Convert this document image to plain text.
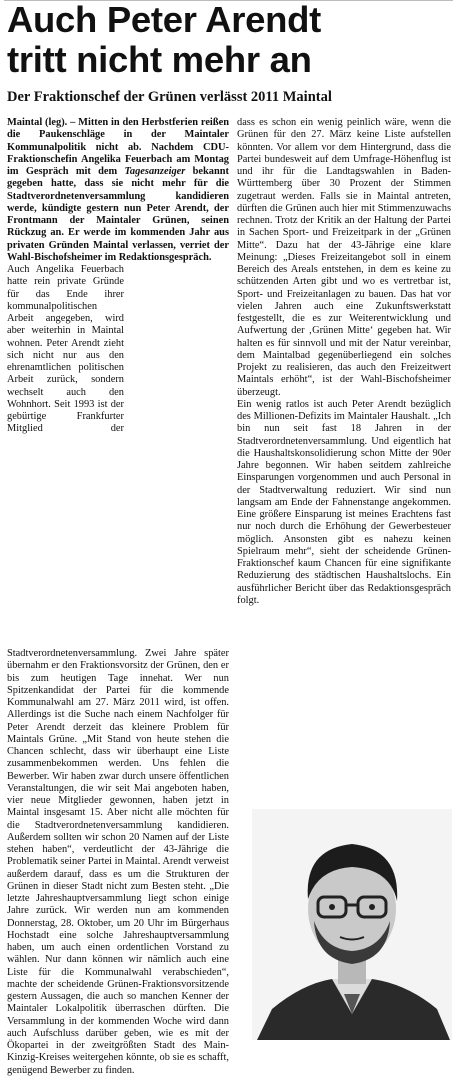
Auch Peter Arendt
tritt nicht mehr an
Der Fraktionschef der Grünen verlässt 2011 Maintal

Maintal (leg). – Mitten in den Herbstferien reißen die Paukenschläge in der Maintaler Kommunalpolitik nicht ab. Nachdem CDU-Fraktionschefin Angelika Feuerbach am Montag im Gespräch mit dem Tagesanzeiger bekannt gegeben hatte, dass sie nicht mehr für die Stadtverordnetenversammlung kandidieren werde, kündigte gestern nun Peter Arendt, der Frontmann der Maintaler Grünen, seinen Rückzug an. Er werde im kommenden Jahr aus privaten Gründen Maintal verlassen, verriet der Wahl-Bischofsheimer im Redaktionsgespräch.

Auch Angelika Feuerbach hatte rein private Gründe für das Ende ihrer kommunalpolitischen Arbeit angegeben, wird aber weiterhin in Maintal wohnen. Peter Arendt zieht sich nicht nur aus den ehrenamtlichen politischen Arbeit zurück, sondern wechselt auch den Wohnhort. Seit 1993 ist der gebürtige Frankfurter Mitglied der Stadtverordnetenversammlung. Zwei Jahre später übernahm er den Fraktionsvorsitz der Grünen, den er bis zum heutigen Tage innehat. Wer nun Spitzenkandidat der Partei für die kommende Kommunalwahl am 27. März 2011 wird, ist offen. Allerdings ist die Suche nach einem Nachfolger für Peter Arendt derzeit das kleinere Problem für Maintals Grüne. „Mit Stand von heute stehen die Chancen schlecht, dass wir überhaupt eine Liste zusammenbekommen werden. Uns fehlen die Bewerber. Wir haben zwar durch unsere öffentlichen Veranstaltungen, die wir seit Mai angeboten haben, vier neue Mitglieder gewonnen, haben jetzt in Maintal insgesamt 15. Aber nicht alle möchten für die Stadtverordnetenversammlung kandidieren. Außerdem sollten wir schon 20 Namen auf der Liste stehen haben“, verdeutlicht der 43-Jährige die Problematik seiner Partei in Maintal. Arendt verweist außerdem darauf, dass es um die Strukturen der Grünen in dieser Stadt nicht zum Besten steht. „Die letzte Jahreshauptversammlung liegt schon einige Jahre zurück. Wir werden nun am kommenden Donnerstag, 28. Oktober, um 20 Uhr im Bürgerhaus Hochstadt eine solche Jahreshauptversammlung haben, um auch einen ordentlichen Vorstand zu wählen. Nur dann können wir nämlich auch eine Liste für die Kommunalwahl verabschieden“, machte der scheidende Grünen-Fraktionsvorsitzende gestern Aussagen, die auch so manchen Kenner der Maintaler Lokalpolitik überraschen dürften. Die Versammlung in der kommenden Woche wird dann auch Aufschluss darüber geben, wie es mit der Ökopartei in der zweitgrößten Stadt des Main-Kinzig-Kreises weitergehen könnte, ob sie es schafft, genügend Bewerber zu finden.

dass es schon ein wenig peinlich wäre, wenn die Grünen für den 27. März keine Liste aufstellen könnten. Vor allem vor dem Hintergrund, dass die Partei bundesweit auf dem Umfrage-Höhenflug ist und ihr für die Landtagswahlen in Baden-Württemberg über 30 Prozent der Stimmen zugetraut werden. Falls sie in Maintal antreten, dürften die Grünen auch hier mit Stimmenzuwachs rechnen. Trotz der Kritik an der Haltung der Partei in Sachen Sport- und Freizeitpark in der „Grünen Mitte“. Dazu hat der 43-Jährige eine klare Meinung: „Dieses Freizeitangebot soll in einem Bereich des Areals entstehen, in dem es keine zu schützenden Arten gibt und wo es vertretbar ist, Sport- und Freizeitanlagen zu bauen. Das hat vor vielen Jahren auch eine Zukunftswerkstatt festgestellt, die es zur Weiterentwicklung und Aufwertung der ‚Grünen Mitte‘ gegeben hat. Wir halten es für sinnvoll und mit der Natur vereinbar, dem Maintalbad gegenüberliegend ein solches Projekt zu realisieren, das auch den Freizeitwert Maintals erhöht“, ist der Wahl-Bischofsheimer überzeugt.

Ein wenig ratlos ist auch Peter Arendt bezüglich des Millionen-Defizits im Maintaler Haushalt. „Ich bin nun seit fast 18 Jahren in der Stadtverordnetenversammlung. Und eigentlich hat die Haushaltskonsolidierung schon Mitte der 90er Jahre begonnen. Wir haben seitdem zahlreiche Einsparungen vorgenommen und auch Personal in der Stadtverwaltung reduziert. Wir sind nun langsam am Ende der Fahnenstange angekommen. Eine größere Einsparung ist meines Erachtens fast nur noch durch die Erhöhung der Gewerbesteuer möglich. Ansonsten gibt es nahezu keinen Spielraum mehr“, sieht der scheidende Grünen-Fraktionschef kaum Chancen für eine signifikante Reduzierung des städtischen Haushaltslochs. Ein ausführlicher Bericht über das Redaktionsgespräch folgt.
